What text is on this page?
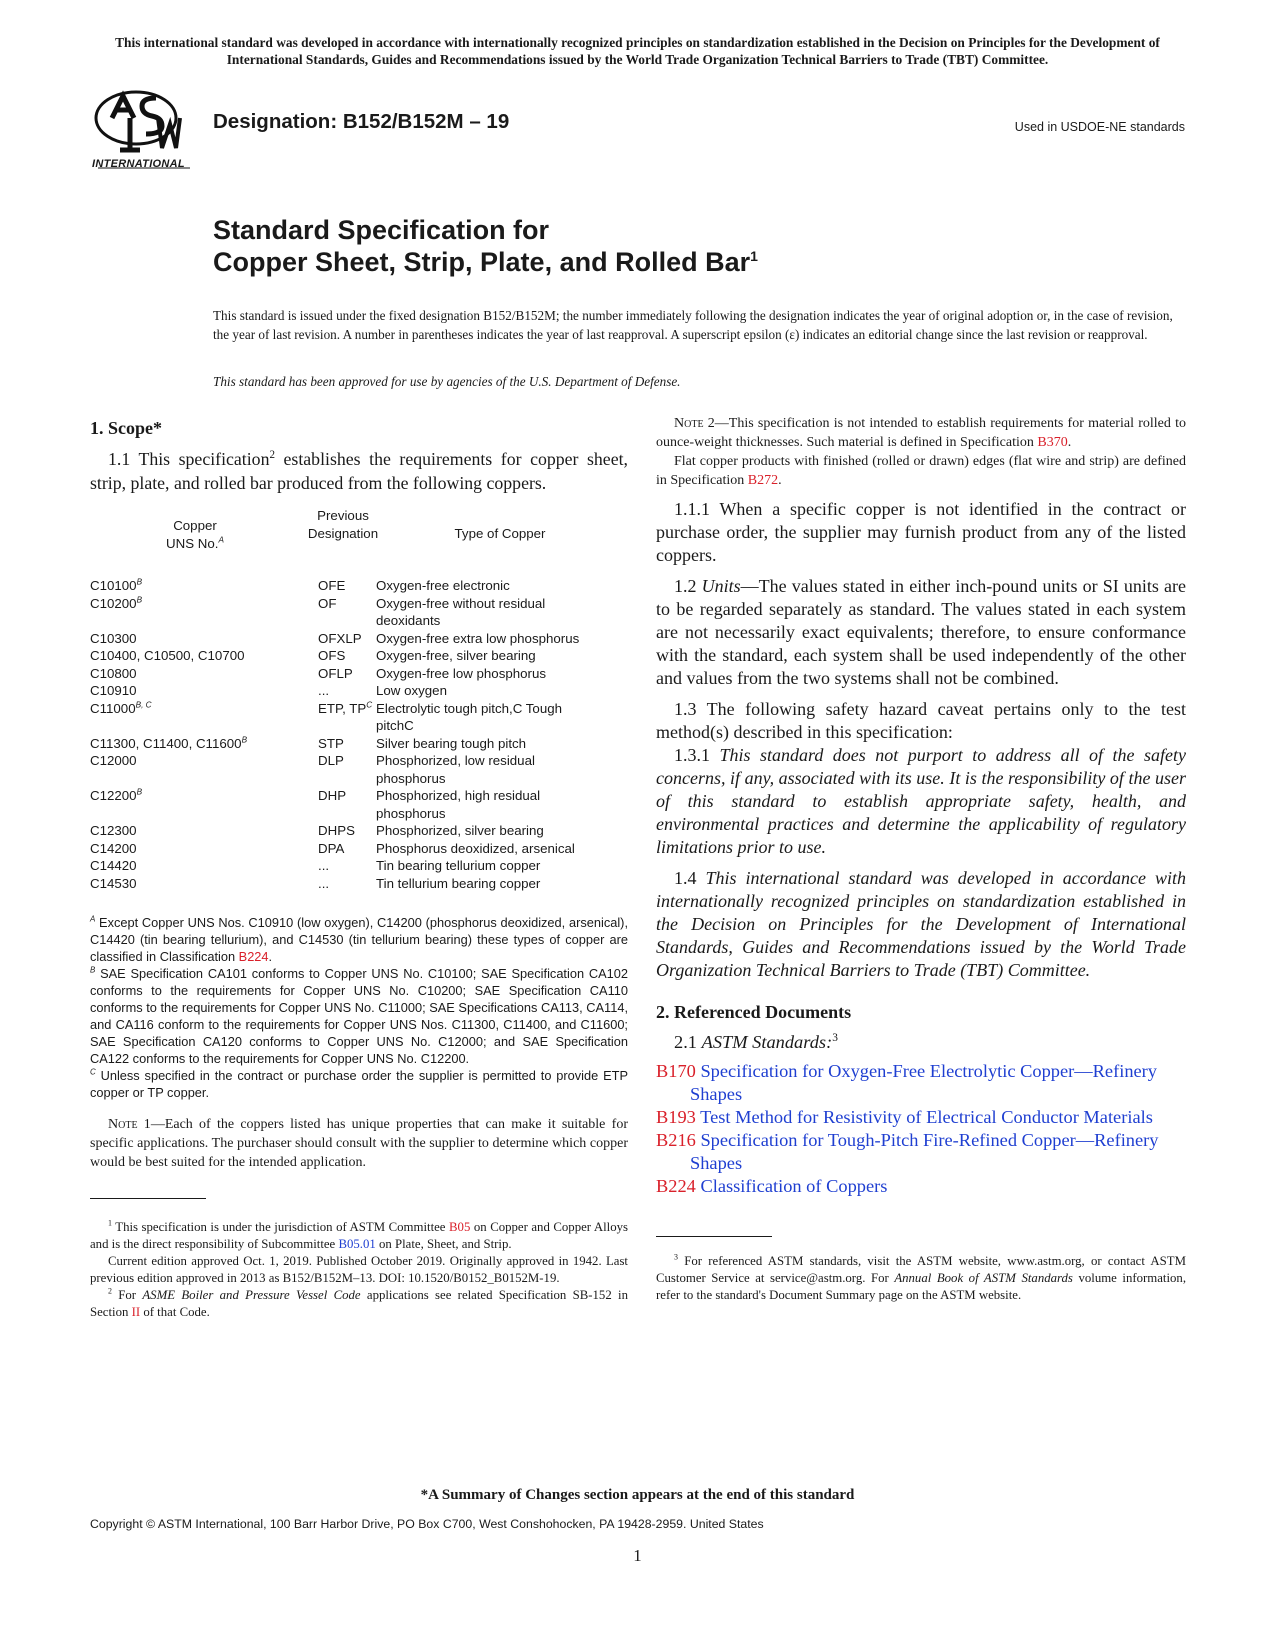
This international standard was developed in accordance with internationally recognized principles on standardization established in the Decision on Principles for the Development of International Standards, Guides and Recommendations issued by the World Trade Organization Technical Barriers to Trade (TBT) Committee.
INTERNATIONAL
Designation: B152/B152M – 19	Used in USDOE-NE standards
Standard Specification for
Copper Sheet, Strip, Plate, and Rolled Bar$^1$
This standard is issued under the fixed designation B152/B152M; the number immediately following the designation indicates the year of original adoption or, in the case of revision, the year of last revision. A number in parentheses indicates the year of last reapproval. A superscript epsilon (ε) indicates an editorial change since the last revision or reapproval.
This standard has been approved for use by agencies of the U.S. Department of Defense.
1. Scope*
1.1 This specification$^2$ establishes the requirements for copper sheet, strip, plate, and rolled bar produced from the following coppers.
Copper
UNS No.$^A$
Previous
Designation	Type of Copper
$C10100^B$	OFE	Oxygen-free electronic
$C10200^B$	OF	Oxygen-free without residual deoxidants
C10300	OFXLP	Oxygen-free extra low phosphorus
C10400, C10500, C10700	OFS	Oxygen-free, silver bearing
C10800	OFLP	Oxygen-free low phosphorus
C10910	...	Low oxygen
$C11000^{B, C}$	ETP, $TP^C$	Electrolytic tough pitch,C Tough pitchC
C11300, C11400, $C11600^B$	STP	Silver bearing tough pitch
C12000	DLP	Phosphorized, low residual phosphorus
$C12200^B$	DHP	Phosphorized, high residual phosphorus
C12300	DHPS	Phosphorized, silver bearing
C14200	DPA	Phosphorus deoxidized, arsenical
C14420	...	Tin bearing tellurium copper
C14530	...	Tin tellurium bearing copper
$^A$ Except Copper UNS Nos. C10910 (low oxygen), C14200 (phosphorus deoxidized, arsenical), C14420 (tin bearing tellurium), and C14530 (tin tellurium bearing) these types of copper are classified in Classification B224.
$^B$ SAE Specification CA101 conforms to Copper UNS No. C10100; SAE Specification CA102 conforms to the requirements for Copper UNS No. C10200; SAE Specification CA110 conforms to the requirements for Copper UNS No. C11000; SAE Specifications CA113, CA114, and CA116 conform to the requirements for Copper UNS Nos. C11300, C11400, and C11600; SAE Specification CA120 conforms to Copper UNS No. C12000; and SAE Specification CA122 conforms to the requirements for Copper UNS No. C12200.
$^C$ Unless specified in the contract or purchase order the supplier is permitted to provide ETP copper or TP copper.
Note 1—Each of the coppers listed has unique properties that can make it suitable for specific applications. The purchaser should consult with the supplier to determine which copper would be best suited for the intended application.
$^1$ This specification is under the jurisdiction of ASTM Committee B05 on Copper and Copper Alloys and is the direct responsibility of Subcommittee B05.01 on Plate, Sheet, and Strip.
Current edition approved Oct. 1, 2019. Published October 2019. Originally approved in 1942. Last previous edition approved in 2013 as B152/B152M–13. DOI: 10.1520/B0152_B0152M-19.
$^2$ For ASME Boiler and Pressure Vessel Code applications see related Specification SB-152 in Section II of that Code.
Note 2—This specification is not intended to establish requirements for material rolled to ounce-weight thicknesses. Such material is defined in Specification B370.
Flat copper products with finished (rolled or drawn) edges (flat wire and strip) are defined in Specification B272.
1.1.1 When a specific copper is not identified in the contract or purchase order, the supplier may furnish product from any of the listed coppers.
1.2 Units—The values stated in either inch-pound units or SI units are to be regarded separately as standard. The values stated in each system are not necessarily exact equivalents; therefore, to ensure conformance with the standard, each system shall be used independently of the other and values from the two systems shall not be combined.
1.3 The following safety hazard caveat pertains only to the test method(s) described in this specification:
1.3.1 This standard does not purport to address all of the safety concerns, if any, associated with its use. It is the responsibility of the user of this standard to establish appropriate safety, health, and environmental practices and determine the applicability of regulatory limitations prior to use.
1.4 This international standard was developed in accordance with internationally recognized principles on standardization established in the Decision on Principles for the Development of International Standards, Guides and Recommendations issued by the World Trade Organization Technical Barriers to Trade (TBT) Committee.
2. Referenced Documents
2.1 ASTM Standards:$^3$
B170 Specification for Oxygen-Free Electrolytic Copper—Refinery Shapes
B193 Test Method for Resistivity of Electrical Conductor Materials
B216 Specification for Tough-Pitch Fire-Refined Copper—Refinery Shapes
B224 Classification of Coppers
$^3$ For referenced ASTM standards, visit the ASTM website, www.astm.org, or contact ASTM Customer Service at service@astm.org. For Annual Book of ASTM Standards volume information, refer to the standard's Document Summary page on the ASTM website.
*A Summary of Changes section appears at the end of this standard
Copyright © ASTM International, 100 Barr Harbor Drive, PO Box C700, West Conshohocken, PA 19428-2959. United States
1
